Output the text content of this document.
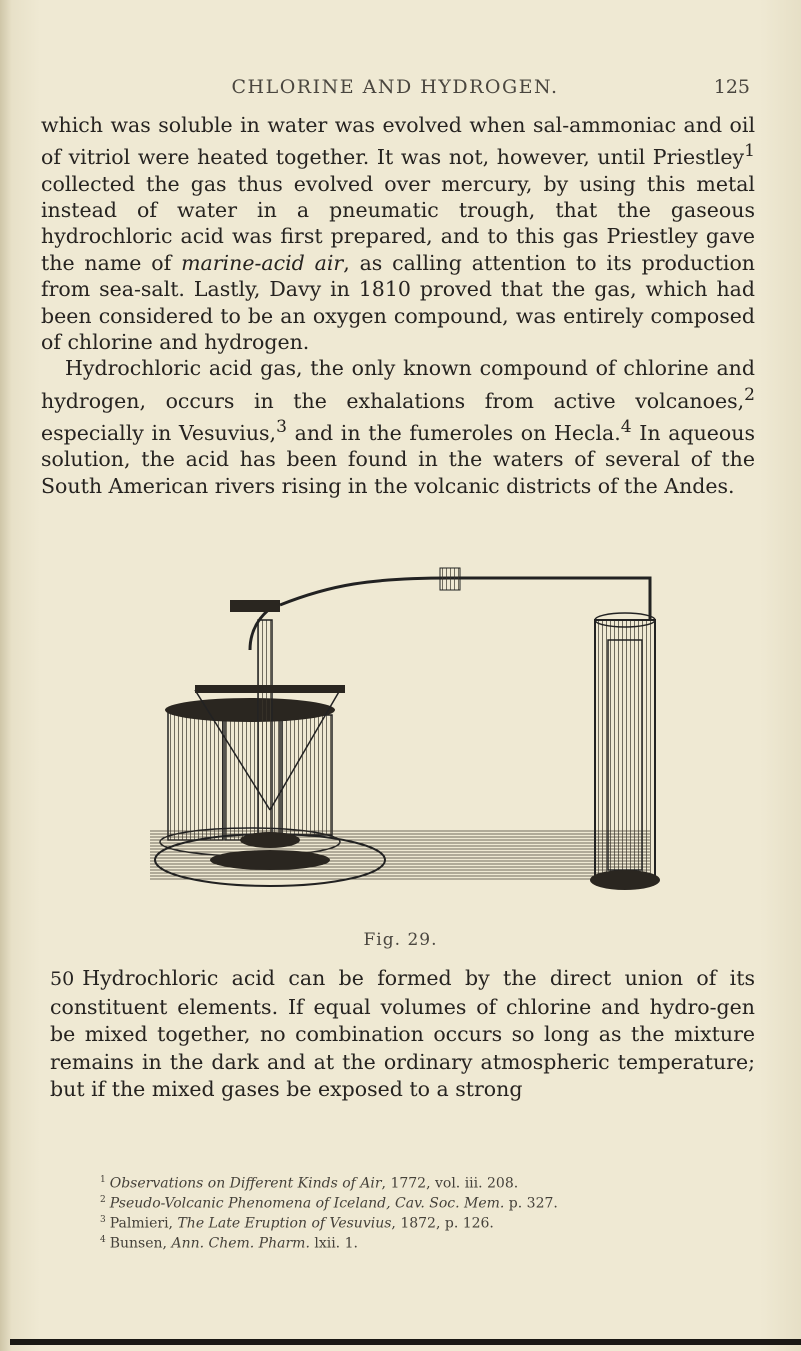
CHLORINE AND HYDROGEN.	125

which was soluble in water was evolved when sal-ammoniac and oil of vitriol were heated together. It was not, however, until Priestley$^1$ collected the gas thus evolved over mercury, by using this metal instead of water in a pneumatic trough, that the gaseous hydrochloric acid was first prepared, and to this gas Priestley gave the name of marine-acid air, as calling attention to its production from sea-salt. Lastly, Davy in 1810 proved that the gas, which had been considered to be an oxygen compound, was entirely composed of chlorine and hydrogen.

Hydrochloric acid gas, the only known compound of chlorine and hydrogen, occurs in the exhalations from active volcanoes,$^2$ especially in Vesuvius,$^3$ and in the fumeroles on Hecla.$^4$ In aqueous solution, the acid has been found in the waters of several of the South American rivers rising in the volcanic districts of the Andes.

Fig. 29.
50 Hydrochloric acid can be formed by the direct union of its constituent elements. If equal volumes of chlorine and hydro-gen be mixed together, no combination occurs so long as the mixture remains in the dark and at the ordinary atmospheric temperature; but if the mixed gases be exposed to a strong
$^1$ Observations on Different Kinds of Air, 1772, vol. iii. 208.
$^2$ Pseudo-Volcanic Phenomena of Iceland, Cav. Soc. Mem. p. 327.
$^3$ Palmieri, The Late Eruption of Vesuvius, 1872, p. 126.
$^4$ Bunsen, Ann. Chem. Pharm. lxii. 1.
